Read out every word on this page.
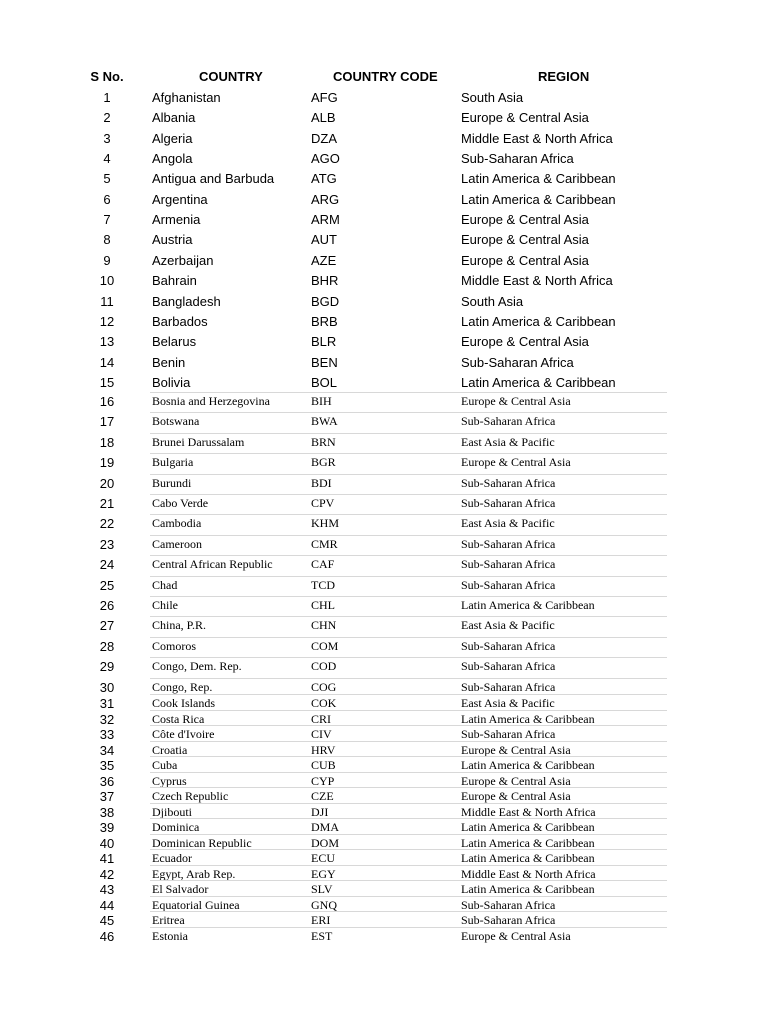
S No.	COUNTRY	COUNTRY CODE	REGION
1	Afghanistan	AFG	South Asia
2	Albania	ALB	Europe & Central Asia
3	Algeria	DZA	Middle East & North Africa
4	Angola	AGO	Sub-Saharan Africa
5	Antigua and Barbuda	ATG	Latin America & Caribbean
6	Argentina	ARG	Latin America & Caribbean
7	Armenia	ARM	Europe & Central Asia
8	Austria	AUT	Europe & Central Asia
9	Azerbaijan	AZE	Europe & Central Asia
10	Bahrain	BHR	Middle East & North Africa
11	Bangladesh	BGD	South Asia
12	Barbados	BRB	Latin America & Caribbean
13	Belarus	BLR	Europe & Central Asia
14	Benin	BEN	Sub-Saharan Africa
15	Bolivia	BOL	Latin America & Caribbean
16	Bosnia and Herzegovina	BIH	Europe & Central Asia
17	Botswana	BWA	Sub-Saharan Africa
18	Brunei Darussalam	BRN	East Asia & Pacific
19	Bulgaria	BGR	Europe & Central Asia
20	Burundi	BDI	Sub-Saharan Africa
21	Cabo Verde	CPV	Sub-Saharan Africa
22	Cambodia	KHM	East Asia & Pacific
23	Cameroon	CMR	Sub-Saharan Africa
24	Central African Republic	CAF	Sub-Saharan Africa
25	Chad	TCD	Sub-Saharan Africa
26	Chile	CHL	Latin America & Caribbean
27	China, P.R.	CHN	East Asia & Pacific
28	Comoros	COM	Sub-Saharan Africa
29	Congo, Dem. Rep.	COD	Sub-Saharan Africa
30	Congo, Rep.	COG	Sub-Saharan Africa
31	Cook Islands	COK	East Asia & Pacific
32	Costa Rica	CRI	Latin America & Caribbean
33	Côte d'Ivoire	CIV	Sub-Saharan Africa
34	Croatia	HRV	Europe & Central Asia
35	Cuba	CUB	Latin America & Caribbean
36	Cyprus	CYP	Europe & Central Asia
37	Czech Republic	CZE	Europe & Central Asia
38	Djibouti	DJI	Middle East & North Africa
39	Dominica	DMA	Latin America & Caribbean
40	Dominican Republic	DOM	Latin America & Caribbean
41	Ecuador	ECU	Latin America & Caribbean
42	Egypt, Arab Rep.	EGY	Middle East & North Africa
43	El Salvador	SLV	Latin America & Caribbean
44	Equatorial Guinea	GNQ	Sub-Saharan Africa
45	Eritrea	ERI	Sub-Saharan Africa
46	Estonia	EST	Europe & Central Asia
